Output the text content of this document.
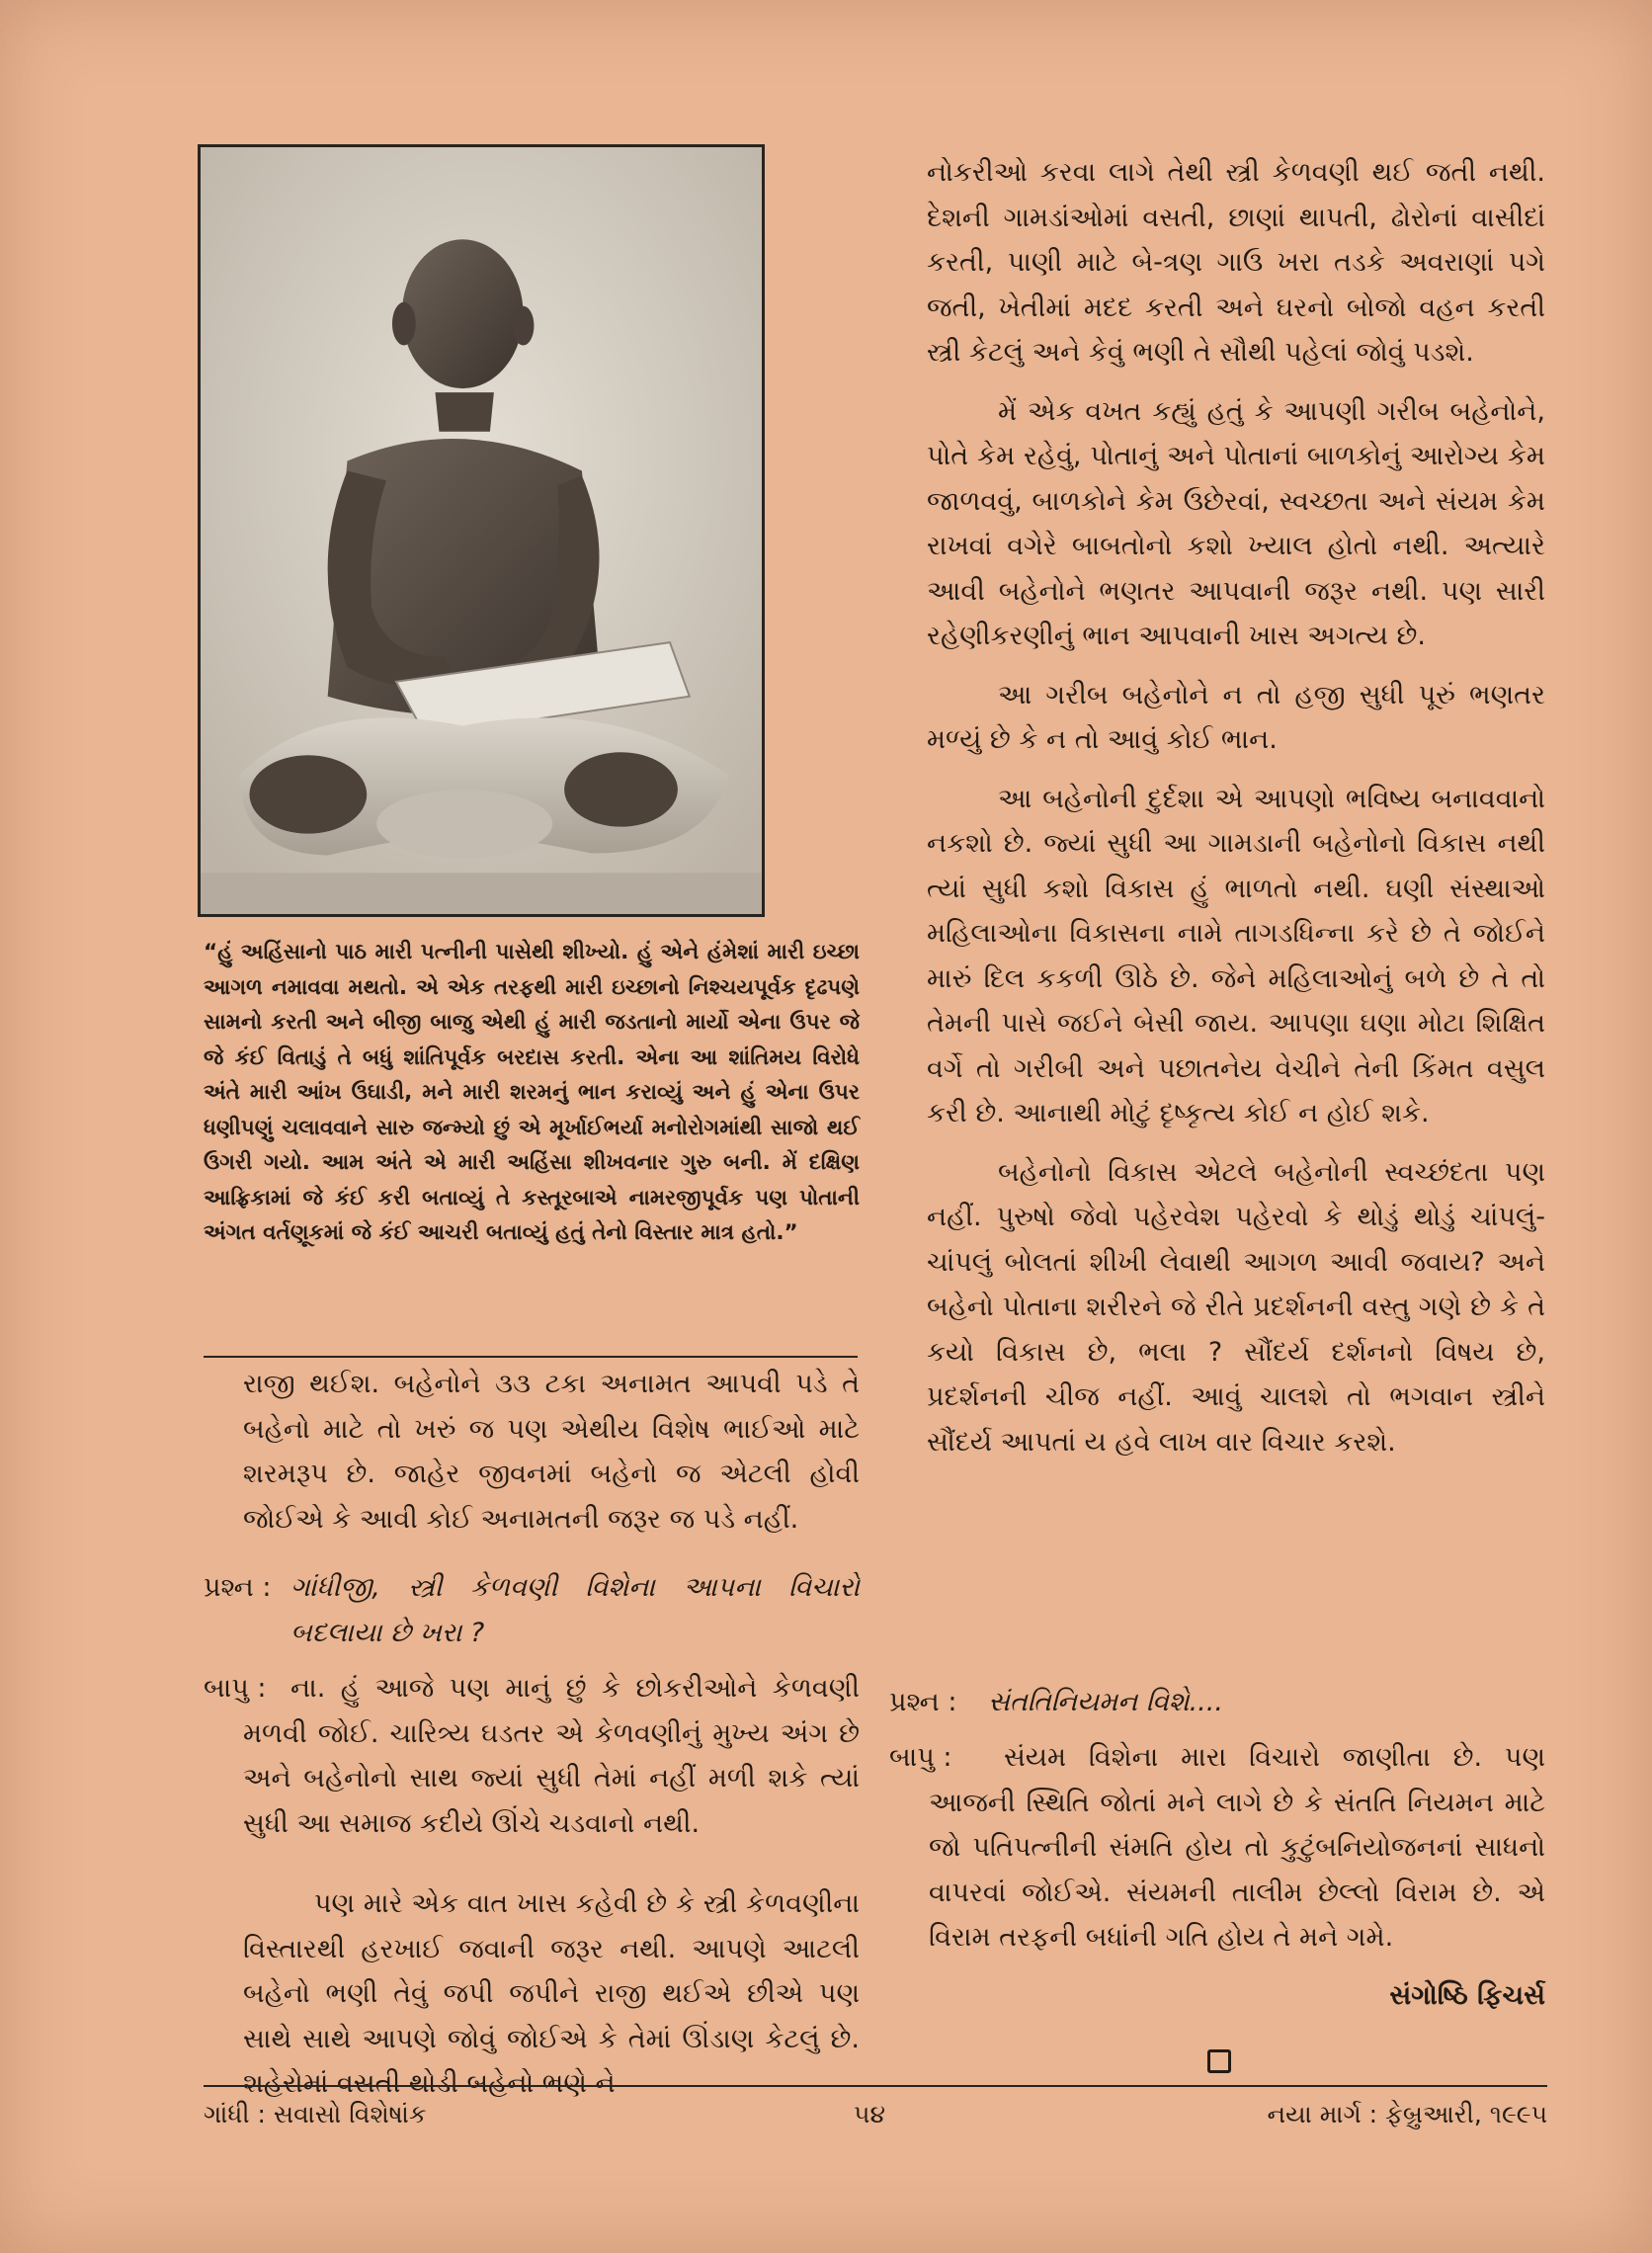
“હું અહિંસાનો પાઠ મારી પત્નીની પાસેથી શીખ્યો. હું એને હંમેશાં મારી ઇચ્છા આગળ નમાવવા મથતો. એ એક તરફથી મારી ઇચ્છાનો નિશ્ચયપૂર્વક દૃઢપણે સામનો કરતી અને બીજી બાજુ એથી હું મારી જડતાનો માર્યો એના ઉપર જે જે કંઈ વિતાડું તે બધું શાંતિપૂર્વક બરદાસ કરતી. એના આ શાંતિમય વિરોધે અંતે મારી આંખ ઉઘાડી, મને મારી શરમનું ભાન કરાવ્યું અને હું એના ઉપર ધણીપણું ચલાવવાને સારુ જન્મ્યો છું એ મૂર્ખાઈભર્યા મનોરોગમાંથી સાજો થઈ ઉગરી ગયો. આમ અંતે એ મારી અહિંસા શીખવનાર ગુરુ બની. મેં દક્ષિણ આફ્રિકામાં જે કંઈ કરી બતાવ્યું તે કસ્તૂરબાએ નામરજીપૂર્વક પણ પોતાની અંગત વર્તણૂકમાં જે કંઈ આચરી બતાવ્યું હતું તેનો વિસ્તાર માત્ર હતો.”

રાજી થઈશ. બહેનોને ૩૩ ટકા અનામત આપવી પડે તે બહેનો માટે તો ખરું જ પણ એથીય વિશેષ ભાઈઓ માટે શરમરૂપ છે. જાહેર જીવનમાં બહેનો જ એટલી હોવી જોઈએ કે આવી કોઈ અનામતની જરૂર જ પડે નહીં.

પ્રશ્ન : ગાંધીજી, સ્ત્રી કેળવણી વિશેના આપના વિચારો બદલાયા છે ખરા ?
બાપુ : ના. હું આજે પણ માનું છું કે છોકરીઓને કેળવણી મળવી જોઈ. ચારિત્ર્ય ઘડતર એ કેળવણીનું મુખ્ય અંગ છે અને બહેનોનો સાથ જ્યાં સુધી તેમાં નહીં મળી શકે ત્યાં સુધી આ સમાજ કદીયે ઊંચે ચડવાનો નથી.

પણ મારે એક વાત ખાસ કહેવી છે કે સ્ત્રી કેળવણીના વિસ્તારથી હરખાઈ જવાની જરૂર નથી. આપણે આટલી બહેનો ભણી તેવું જપી જપીને રાજી થઈએ છીએ પણ સાથે સાથે આપણે જોવું જોઈએ કે તેમાં ઊંડાણ કેટલું છે. શહેરોમાં વસતી થોડી બહેનો ભણે ને

નોકરીઓ કરવા લાગે તેથી સ્ત્રી કેળવણી થઈ જતી નથી. દેશની ગામડાંઓમાં વસતી, છાણાં થાપતી, ઢોરોનાં વાસીદાં કરતી, પાણી માટે બે-ત્રણ ગાઉ ખરા તડકે અવરાણાં પગે જતી, ખેતીમાં મદદ કરતી અને ઘરનો બોજો વહન કરતી સ્ત્રી કેટલું અને કેવું ભણી તે સૌથી પહેલાં જોવું પડશે.

મેં એક વખત કહ્યું હતું કે આપણી ગરીબ બહેનોને, પોતે કેમ રહેવું, પોતાનું અને પોતાનાં બાળકોનું આરોગ્ય કેમ જાળવવું, બાળકોને કેમ ઉછેરવાં, સ્વચ્છતા અને સંયમ કેમ રાખવાં વગેરે બાબતોનો કશો ખ્યાલ હોતો નથી. અત્યારે આવી બહેનોને ભણતર આપવાની જરૂર નથી. પણ સારી રહેણીકરણીનું ભાન આપવાની ખાસ અગત્ય છે.

આ ગરીબ બહેનોને ન તો હજી સુધી પૂરું ભણતર મળ્યું છે કે ન તો આવું કોઈ ભાન.

આ બહેનોની દુર્દશા એ આપણો ભવિષ્ય બનાવવાનો નકશો છે. જ્યાં સુધી આ ગામડાની બહેનોનો વિકાસ નથી ત્યાં સુધી કશો વિકાસ હું ભાળતો નથી. ઘણી સંસ્થાઓ મહિલાઓના વિકાસના નામે તાગડધિન્ના કરે છે તે જોઈને મારું દિલ કકળી ઊઠે છે. જેને મહિલાઓનું બળે છે તે તો તેમની પાસે જઈને બેસી જાય. આપણા ઘણા મોટા શિક્ષિત વર્ગે તો ગરીબી અને પછાતનેય વેચીને તેની કિંમત વસુલ કરી છે. આનાથી મોટું દૃષ્કૃત્ય કોઈ ન હોઈ શકે.

બહેનોનો વિકાસ એટલે બહેનોની સ્વચ્છંદતા પણ નહીં. પુરુષો જેવો પહેરવેશ પહેરવો કે થોડું થોડું ચાંપલું-ચાંપલું બોલતાં શીખી લેવાથી આગળ આવી જવાય? અને બહેનો પોતાના શરીરને જે રીતે પ્રદર્શનની વસ્તુ ગણે છે કે તે કયો વિકાસ છે, ભલા ? સૌંદર્ય દર્શનનો વિષય છે, પ્રદર્શનની ચીજ નહીં. આવું ચાલશે તો ભગવાન સ્ત્રીને સૌંદર્ય આપતાં ય હવે લાખ વાર વિચાર કરશે.

પ્રશ્ન : સંતતિનિયમન વિશે....
બાપુ :	સંયમ વિશેના મારા વિચારો જાણીતા છે. પણ આજની સ્થિતિ જોતાં મને લાગે છે કે સંતતિ નિયમન માટે જો પતિપત્નીની સંમતિ હોય તો કુટુંબનિયોજનનાં સાધનો વાપરવાં જોઈએ. સંયમની તાલીમ છેલ્લો વિરામ છે. એ વિરામ તરફની બધાંની ગતિ હોય તે મને ગમે.
સંગોષ્ઠિ ફિચર્સ
ગાંધી : સવાસો વિશેષાંક	૫૪	નયા માર્ગ : ફેબ્રુઆરી, ૧૯૯૫
